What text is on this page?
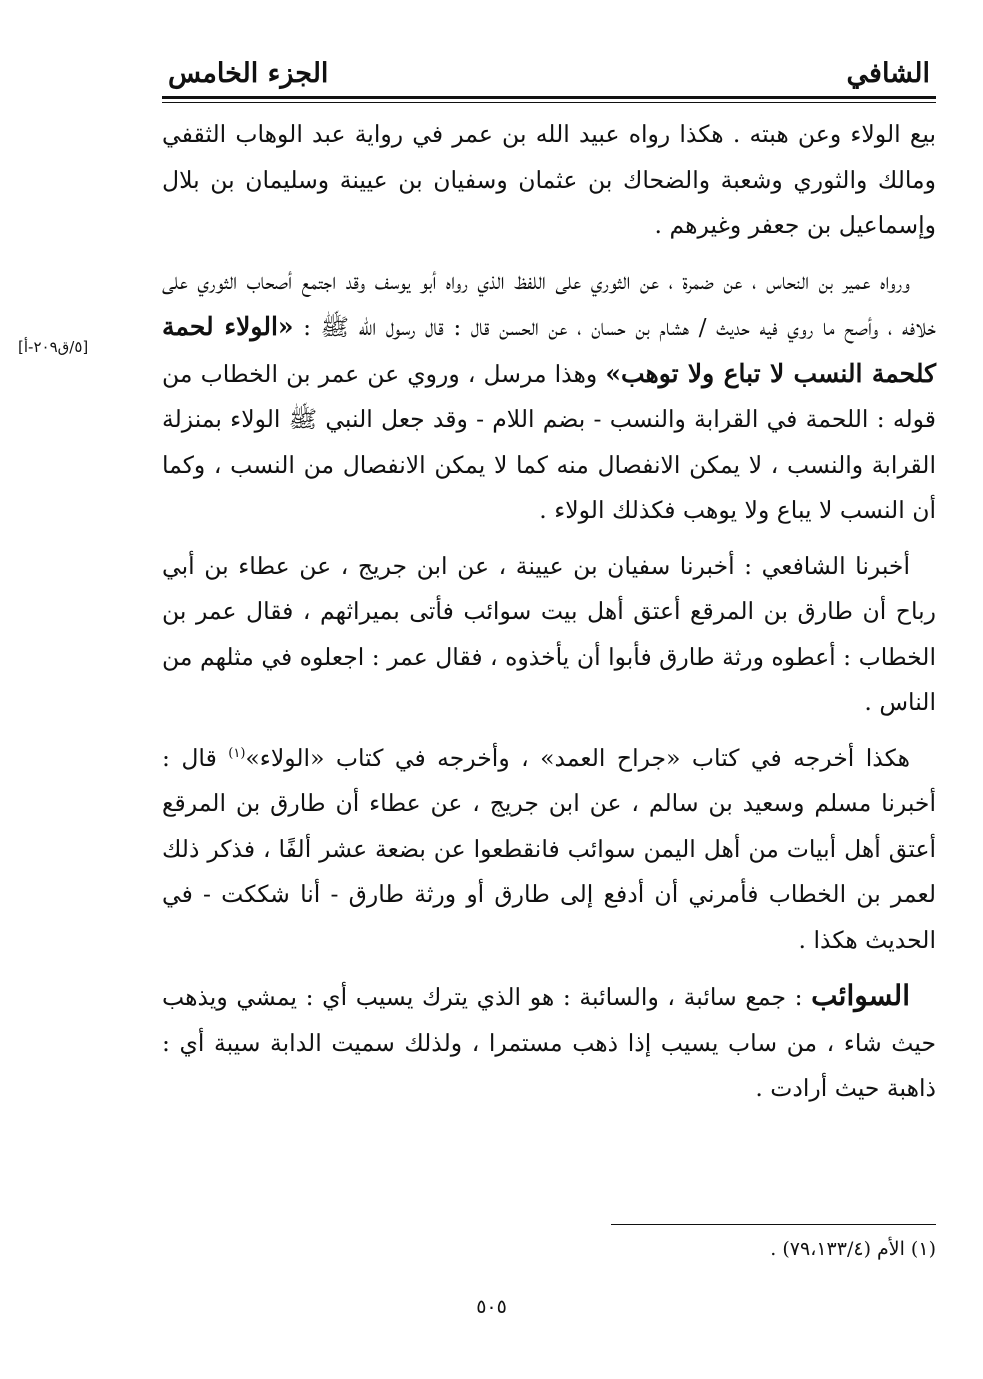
الشافي
الجزء الخامس
[٥/ق٢٠٩-أ]

بيع الولاء وعن هبته . هكذا رواه عبيد الله بن عمر في رواية عبد الوهاب الثقفي ومالك والثوري وشعبة والضحاك بن عثمان وسفيان بن عيينة وسليمان بن بلال وإسماعيل بن جعفر وغيرهم .

ورواه عمير بن النحاس ، عن ضمرة ، عن الثوري على اللفظ الذي رواه أبو يوسف وقد اجتمع أصحاب الثوري على خلافه ، وأصح ما روي فيه حديث / هشام بن حسان ، عن الحسن قال : قال رسول الله ﷺ : «الولاء لحمة كلحمة النسب لا تباع ولا توهب» وهذا مرسل ، وروي عن عمر بن الخطاب من قوله : اللحمة في القرابة والنسب - بضم اللام - وقد جعل النبي ﷺ الولاء بمنزلة القرابة والنسب ، لا يمكن الانفصال منه كما لا يمكن الانفصال من النسب ، وكما أن النسب لا يباع ولا يوهب فكذلك الولاء .

أخبرنا الشافعي : أخبرنا سفيان بن عيينة ، عن ابن جريج ، عن عطاء بن أبي رباح أن طارق بن المرقع أعتق أهل بيت سوائب فأتى بميراثهم ، فقال عمر بن الخطاب : أعطوه ورثة طارق فأبوا أن يأخذوه ، فقال عمر : اجعلوه في مثلهم من الناس .

هكذا أخرجه في كتاب «جراح العمد» ، وأخرجه في كتاب «الولاء»$^{(١)}$ قال : أخبرنا مسلم وسعيد بن سالم ، عن ابن جريج ، عن عطاء أن طارق بن المرقع أعتق أهل أبيات من أهل اليمن سوائب فانقطعوا عن بضعة عشر ألفًا ، فذكر ذلك لعمر بن الخطاب فأمرني أن أدفع إلى طارق أو ورثة طارق - أنا شككت - في الحديث هكذا .

السوائب : جمع سائبة ، والسائبة : هو الذي يترك يسيب أي : يمشي ويذهب حيث شاء ، من ساب يسيب إذا ذهب مستمرا ، ولذلك سميت الدابة سيبة أي : ذاهبة حيث أرادت .

(١) الأم (٧٩،١٣٣/٤) .
٥٠٥
